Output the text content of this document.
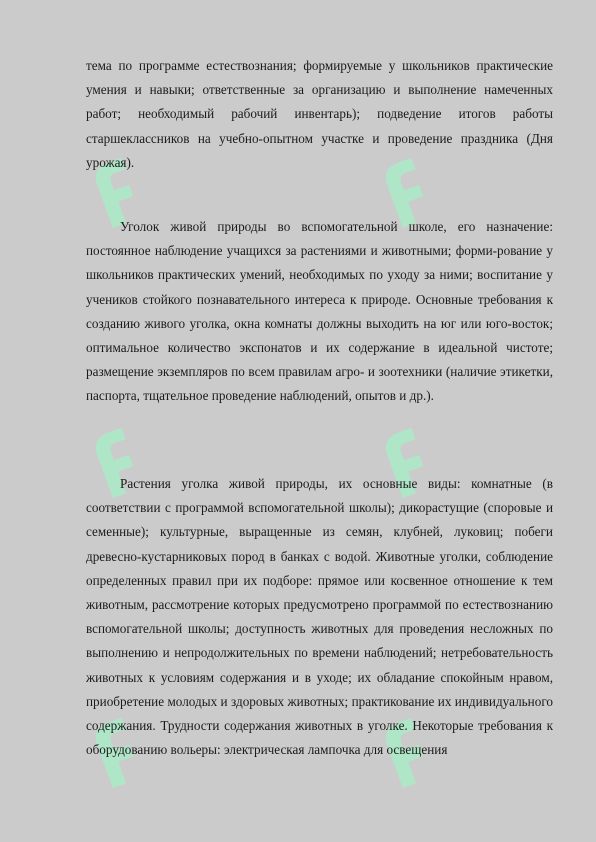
тема по программе естествознания; формируемые у школьников практические умения и навыки; ответственные за организацию и выполнение намеченных работ; необходимый рабочий инвентарь); подведение итогов работы старшеклассников на учебно-опытном участке и проведение праздника (Дня урожая).

Уголок живой природы во вспомогательной школе, его назначение: постоянное наблюдение учащихся за растениями и животными; форми-рование у школьников практических умений, необходимых по уходу за ними; воспитание у учеников стойкого познавательного интереса к природе. Основные требования к созданию живого уголка, окна комнаты должны выходить на юг или юго-восток; оптимальное количество экспонатов и их содержание в идеальной чистоте; размещение экземпляров по всем правилам агро- и зоотехники (наличие этикетки, паспорта, тщательное проведение наблюдений, опытов и др.).

Растения уголка живой природы, их основные виды: комнатные (в соответствии с программой вспомогательной школы); дикорастущие (споровые и семенные); культурные, выращенные из семян, клубней, луковиц; побеги древесно-кустарниковых пород в банках с водой. Животные уголки, соблюдение определенных правил при их подборе: прямое или косвенное отношение к тем животным, рассмотрение которых предусмотрено программой по естествознанию вспомогательной школы; доступность животных для проведения несложных по выполнению и непродолжительных по времени наблюдений; нетребовательность животных к условиям содержания и в уходе; их обладание спокойным нравом, приобретение молодых и здоровых животных; практикование их индивидуального содержания. Трудности содержания животных в уголке. Некоторые требования к оборудованию вольеры: электрическая лампочка для освещения
